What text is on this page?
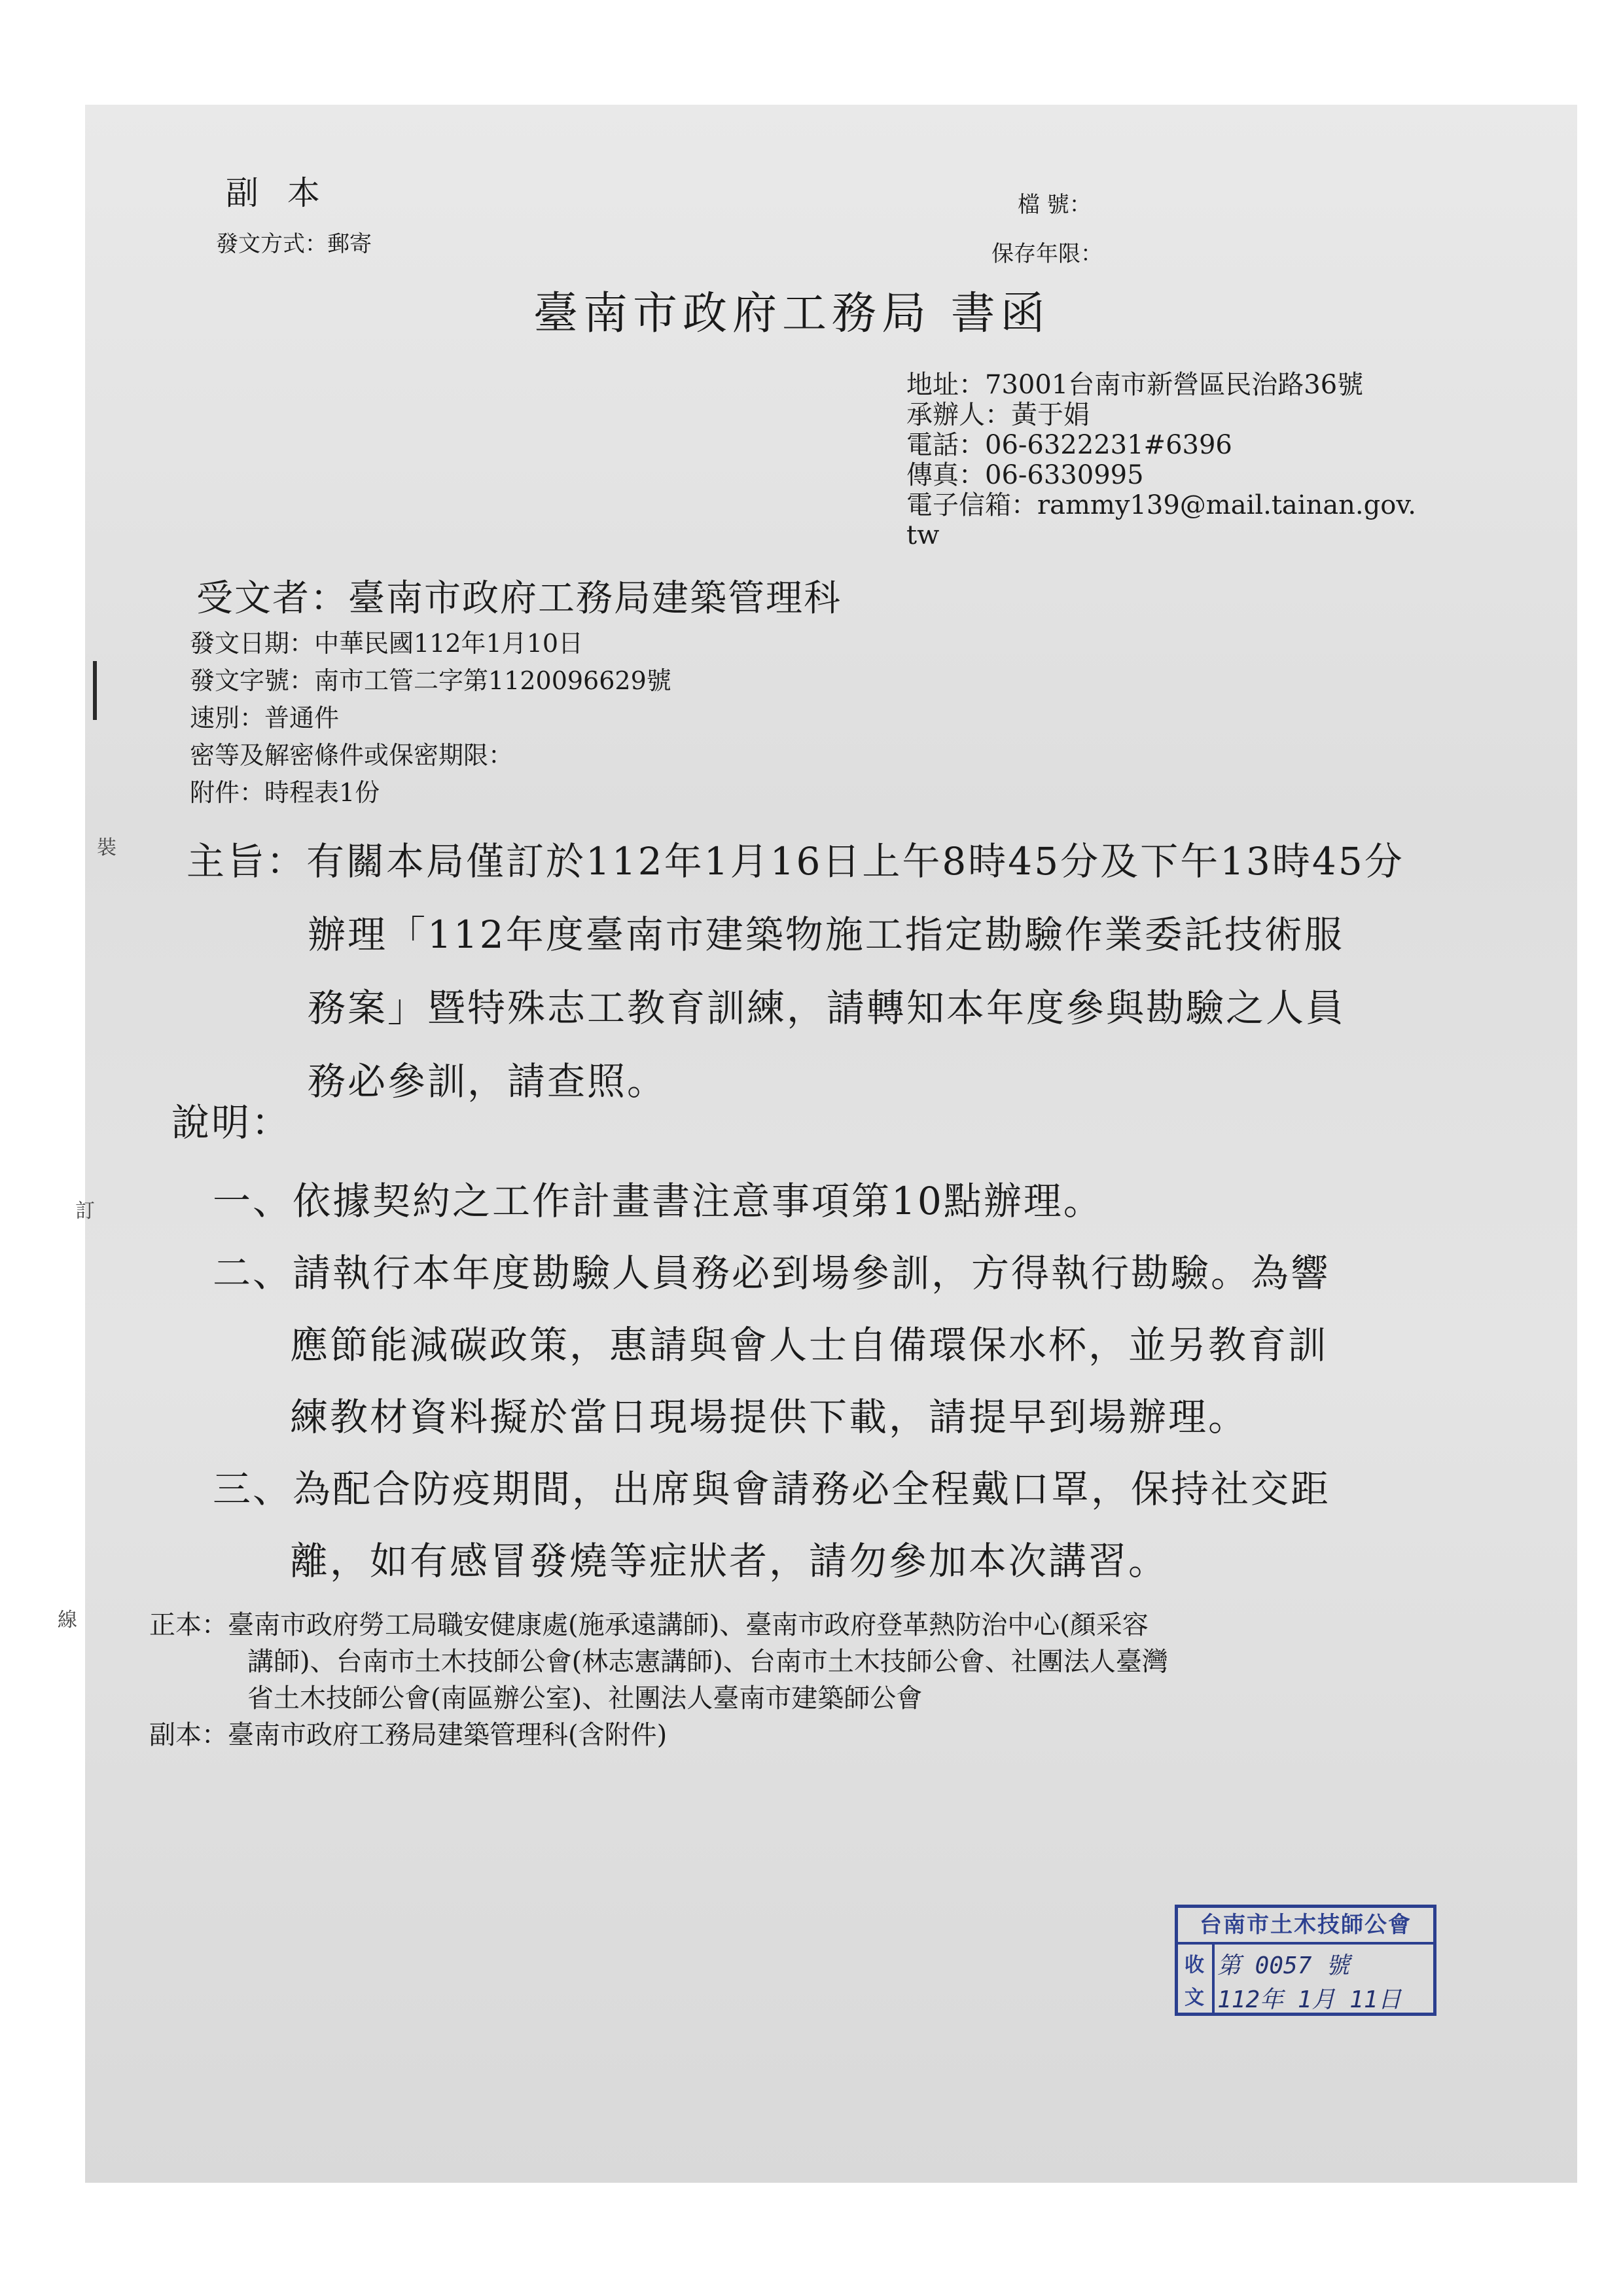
裝
訂
線
副 本
發文方式：郵寄
檔 號：
保存年限：
臺南市政府工務局 書函
地址：73001台南市新營區民治路36號
承辦人：黃于娟
電話：06-6322231#6396
傳真：06-6330995
電子信箱：rammy139@mail.tainan.gov.
tw
受文者：臺南市政府工務局建築管理科
發文日期：中華民國112年1月10日
發文字號：南市工管二字第1120096629號
速別：普通件
密等及解密條件或保密期限：
附件：時程表1份
主旨：有關本局僅訂於112年1月16日上午8時45分及下午13時45分
辦理「112年度臺南市建築物施工指定勘驗作業委託技術服
務案」暨特殊志工教育訓練，請轉知本年度參與勘驗之人員
務必參訓，請查照。
說明：
一、依據契約之工作計畫書注意事項第10點辦理。
二、請執行本年度勘驗人員務必到場參訓，方得執行勘驗。為響
應節能減碳政策，惠請與會人士自備環保水杯，並另教育訓
練教材資料擬於當日現場提供下載，請提早到場辦理。
三、為配合防疫期間，出席與會請務必全程戴口罩，保持社交距
離，如有感冒發燒等症狀者，請勿參加本次講習。
正本：臺南市政府勞工局職安健康處(施承遠講師)、臺南市政府登革熱防治中心(顏采容
講師)、台南市土木技師公會(林志憲講師)、台南市土木技師公會、社團法人臺灣
省土木技師公會(南區辦公室)、社團法人臺南市建築師公會
副本：臺南市政府工務局建築管理科(含附件)
台南市土木技師公會
收
文
第 0057 號
112年 1月 11日
